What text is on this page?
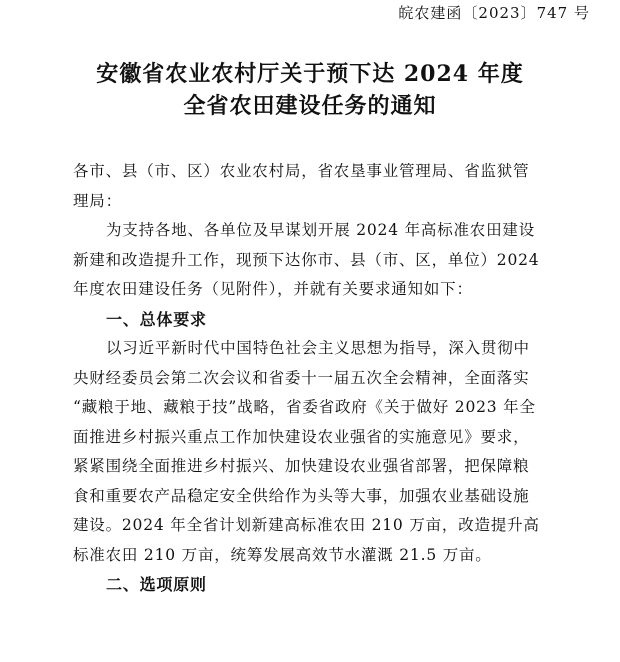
皖农建函〔2023〕747 号
安徽省农业农村厅关于预下达 2024 年度
全省农田建设任务的通知
各市、县（市、区）农业农村局，省农垦事业管理局、省监狱管
理局：
为支持各地、各单位及早谋划开展 2024 年高标准农田建设
新建和改造提升工作，现预下达你市、县（市、区，单位）2024
年度农田建设任务（见附件），并就有关要求通知如下：
一、总体要求
以习近平新时代中国特色社会主义思想为指导，深入贯彻中
央财经委员会第二次会议和省委十一届五次全会精神，全面落实
“藏粮于地、藏粮于技”战略，省委省政府《关于做好 2023 年全
面推进乡村振兴重点工作加快建设农业强省的实施意见》要求，
紧紧围绕全面推进乡村振兴、加快建设农业强省部署，把保障粮
食和重要农产品稳定安全供给作为头等大事，加强农业基础设施
建设。2024 年全省计划新建高标准农田 210 万亩，改造提升高
标准农田 210 万亩，统筹发展高效节水灌溉 21.5 万亩。
二、选项原则
